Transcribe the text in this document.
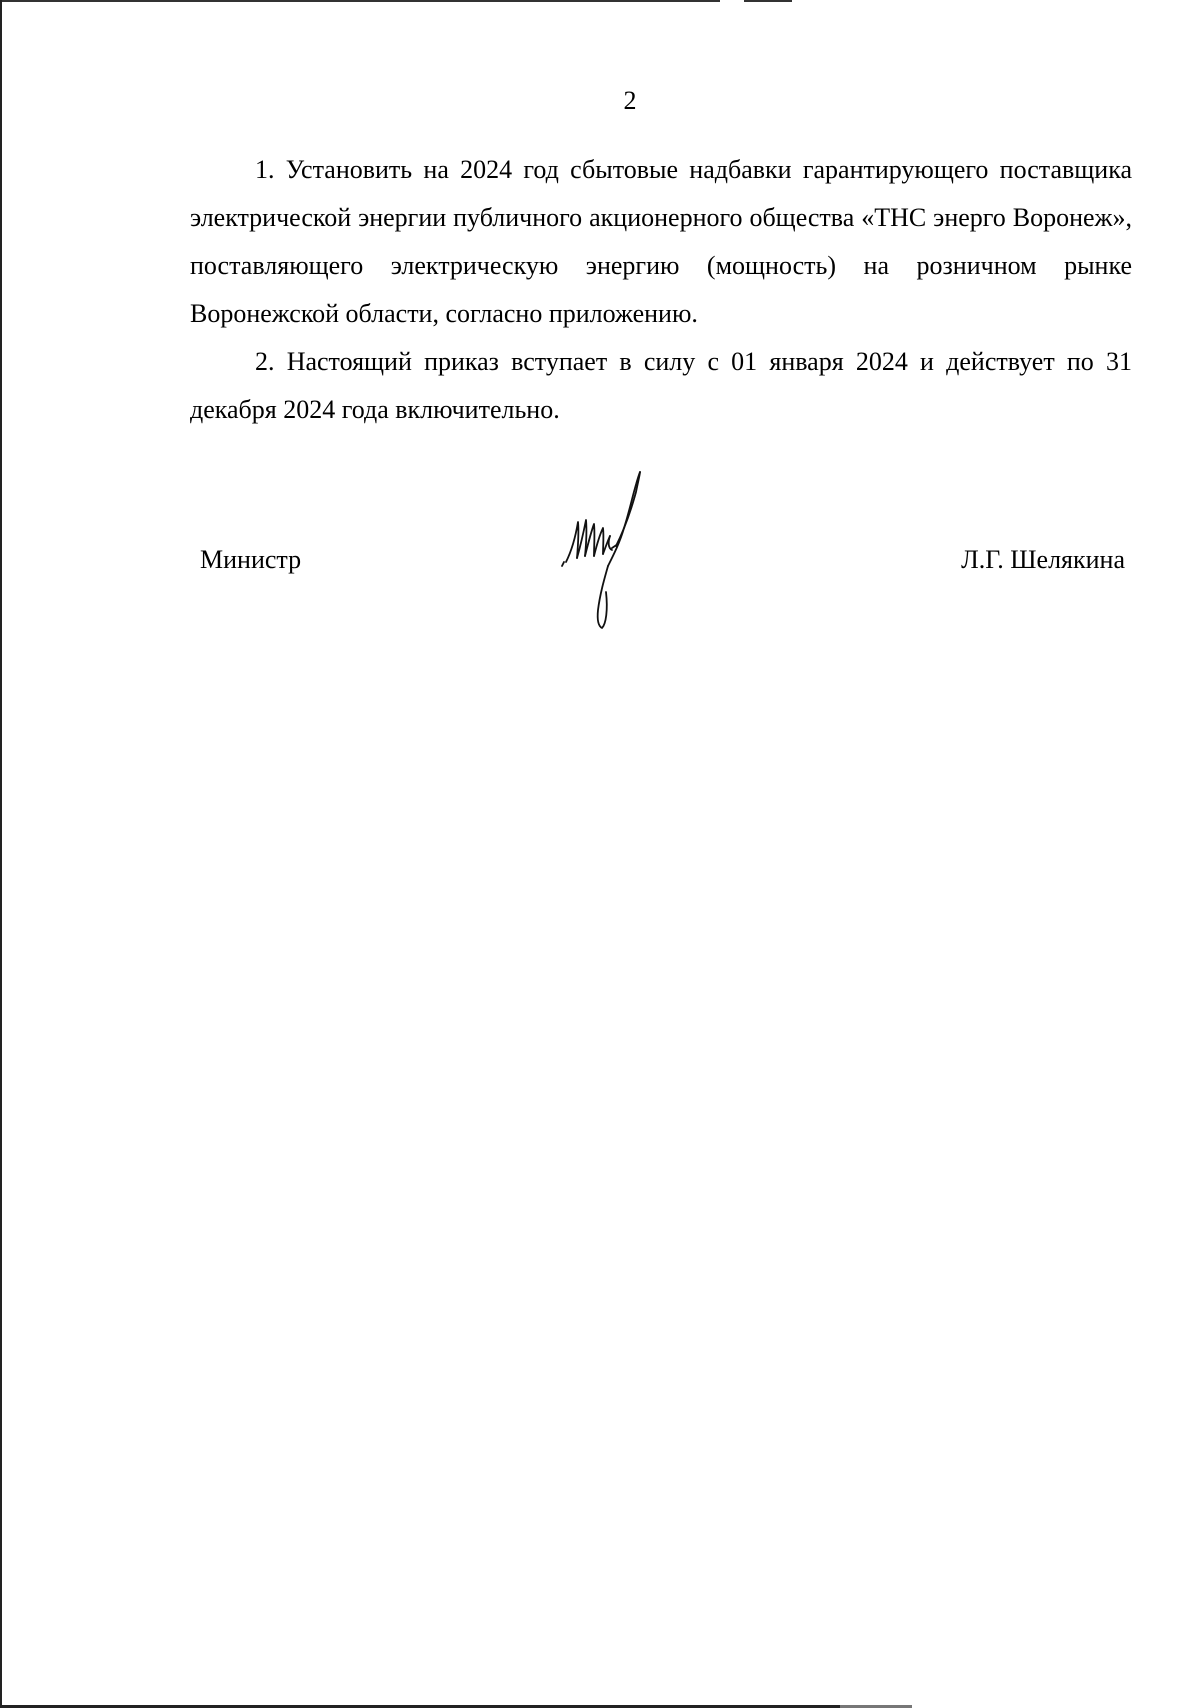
2

1. Установить на 2024 год сбытовые надбавки гарантирующего поставщика электрической энергии публичного акционерного общества «ТНС энерго Воронеж», поставляющего электрическую энергию (мощность) на розничном рынке Воронежской области, согласно приложению.

2. Настоящий приказ вступает в силу с 01 января 2024 и действует по 31 декабря 2024 года включительно.

Министр	Л.Г. Шелякина
